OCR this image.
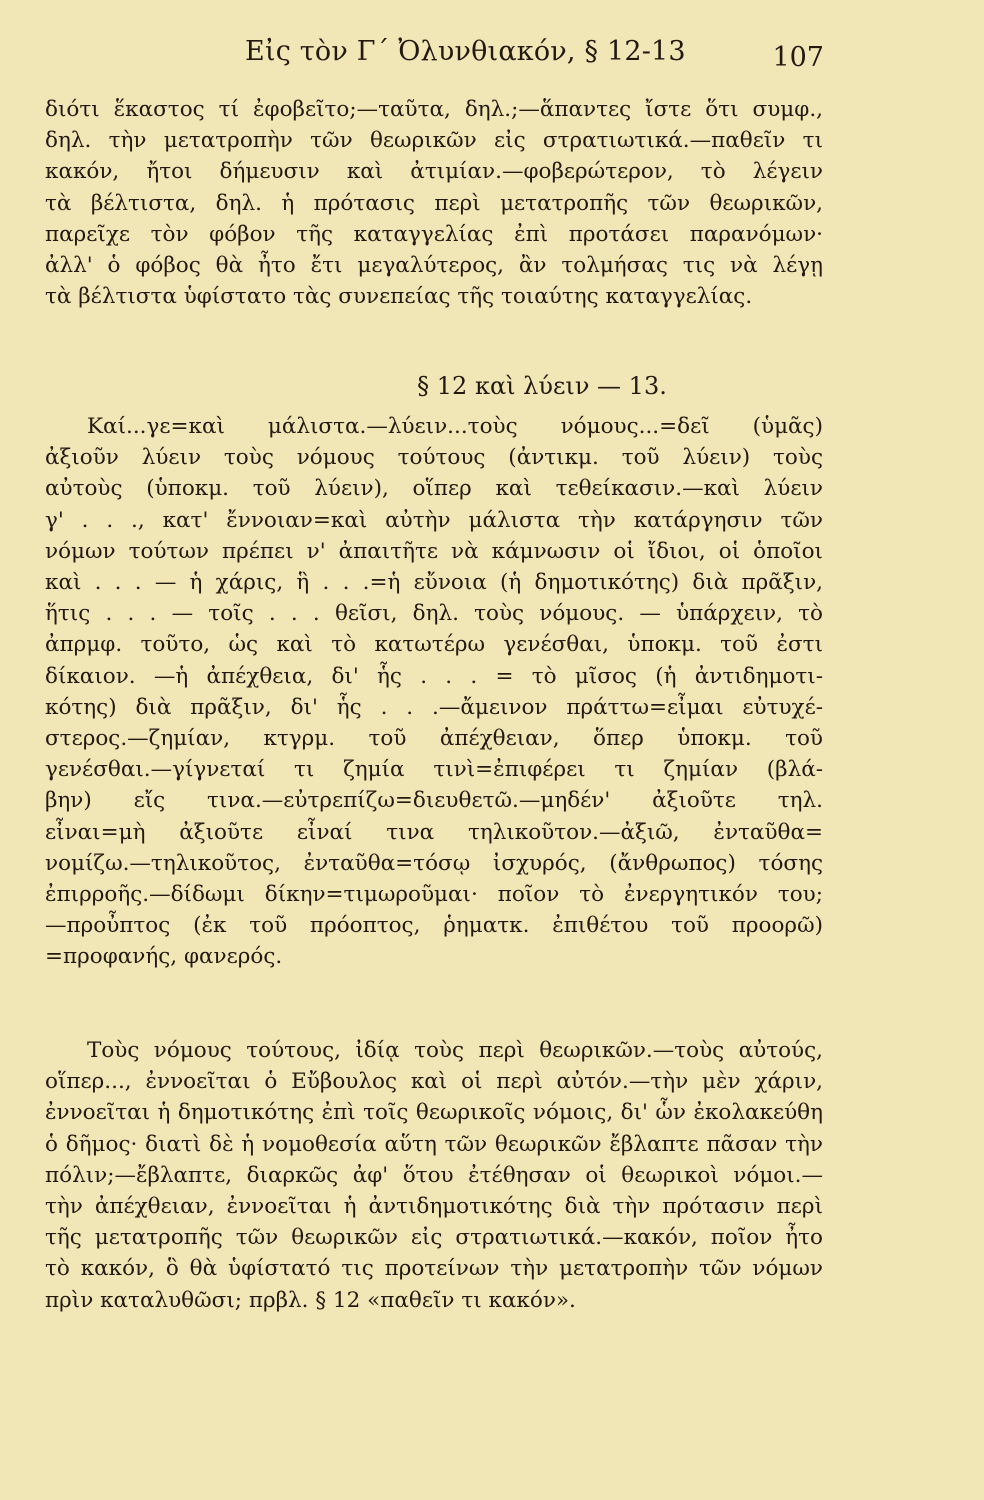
Εἰς τὸν Γ΄ Ὀλυνθιακόν, § 12-13	107
διότι ἕκαστος τί ἐφοβεῖτο;—ταῦτα, δηλ.;—ἅπαντες ἴστε ὅτι συμφ.,
δηλ. τὴν μετατροπὴν τῶν θεωρικῶν εἰς στρατιωτικά.—παθεῖν τι
κακόν, ἤτοι δήμευσιν καὶ ἀτιμίαν.—φοβερώτερον, τὸ λέγειν
τὰ βέλτιστα, δηλ. ἡ πρότασις περὶ μετατροπῆς τῶν θεωρικῶν,
παρεῖχε τὸν φόβον τῆς καταγγελίας ἐπὶ προτάσει παρανόμων·
ἀλλ' ὁ φόβος θὰ ἦτο ἔτι μεγαλύτερος, ἂν τολμήσας τις νὰ λέγῃ
τὰ βέλτιστα ὑφίστατο τὰς συνεπείας τῆς τοιαύτης καταγγελίας.
§ 12 καὶ λύειν — 13.
Καί...γε=καὶ μάλιστα.—λύειν...τοὺς νόμους...=δεῖ (ὑμᾶς)
ἀξιοῦν λύειν τοὺς νόμους τούτους (ἀντικμ. τοῦ λύειν) τοὺς
αὐτοὺς (ὑποκμ. τοῦ λύειν), οἵπερ καὶ τεθείκασιν.—καὶ λύειν
γ' . . ., κατ' ἔννοιαν=καὶ αὐτὴν μάλιστα τὴν κατάργησιν τῶν
νόμων τούτων πρέπει ν' ἀπαιτῆτε νὰ κάμνωσιν οἱ ἴδιοι, οἱ ὁποῖοι
καὶ . . . — ἡ χάρις, ἣ . . .=ἡ εὔνοια (ἡ δημοτικότης) διὰ πρᾶξιν,
ἥτις . . . — τοῖς . . . θεῖσι, δηλ. τοὺς νόμους. — ὑπάρχειν, τὸ
ἀπρμφ. τοῦτο, ὡς καὶ τὸ κατωτέρω γενέσθαι, ὑποκμ. τοῦ ἐστι
δίκαιον. —ἡ ἀπέχθεια, δι' ἧς . . . = τὸ μῖσος (ἡ ἀντιδημοτι-
κότης) διὰ πρᾶξιν, δι' ἧς . . .—ἄμεινον πράττω=εἶμαι εὐτυχέ-
στερος.—ζημίαν, κτγρμ. τοῦ ἀπέχθειαν, ὅπερ ὑποκμ. τοῦ
γενέσθαι.—γίγνεταί τι ζημία τινὶ=ἐπιφέρει τι ζημίαν (βλά-
βην) εἴς τινα.—εὐτρεπίζω=διευθετῶ.—μηδέν' ἀξιοῦτε τηλ.
εἶναι=μὴ ἀξιοῦτε εἶναί τινα τηλικοῦτον.—ἀξιῶ, ἐνταῦθα=
νομίζω.—τηλικοῦτος, ἐνταῦθα=τόσῳ ἰσχυρός, (ἄνθρωπος) τόσης
ἐπιρροῆς.—δίδωμι δίκην=τιμωροῦμαι· ποῖον τὸ ἐνεργητικόν του;
—προὖπτος (ἐκ τοῦ πρόοπτος, ῥηματκ. ἐπιθέτου τοῦ προορῶ)
=προφανής, φανερός.
Τοὺς νόμους τούτους, ἰδίᾳ τοὺς περὶ θεωρικῶν.—τοὺς αὐτούς,
οἵπερ..., ἐννοεῖται ὁ Εὔβουλος καὶ οἱ περὶ αὐτόν.—τὴν μὲν χάριν,
ἐννοεῖται ἡ δημοτικότης ἐπὶ τοῖς θεωρικοῖς νόμοις, δι' ὧν ἐκολακεύθη
ὁ δῆμος· διατὶ δὲ ἡ νομοθεσία αὕτη τῶν θεωρικῶν ἔβλαπτε πᾶσαν τὴν
πόλιν;—ἔβλαπτε, διαρκῶς ἀφ' ὅτου ἐτέθησαν οἱ θεωρικοὶ νόμοι.—
τὴν ἀπέχθειαν, ἐννοεῖται ἡ ἀντιδημοτικότης διὰ τὴν πρότασιν περὶ
τῆς μετατροπῆς τῶν θεωρικῶν εἰς στρατιωτικά.—κακόν, ποῖον ἦτο
τὸ κακόν, ὃ θὰ ὑφίστατό τις προτείνων τὴν μετατροπὴν τῶν νόμων
πρὶν καταλυθῶσι; πρβλ. § 12 «παθεῖν τι κακόν».
